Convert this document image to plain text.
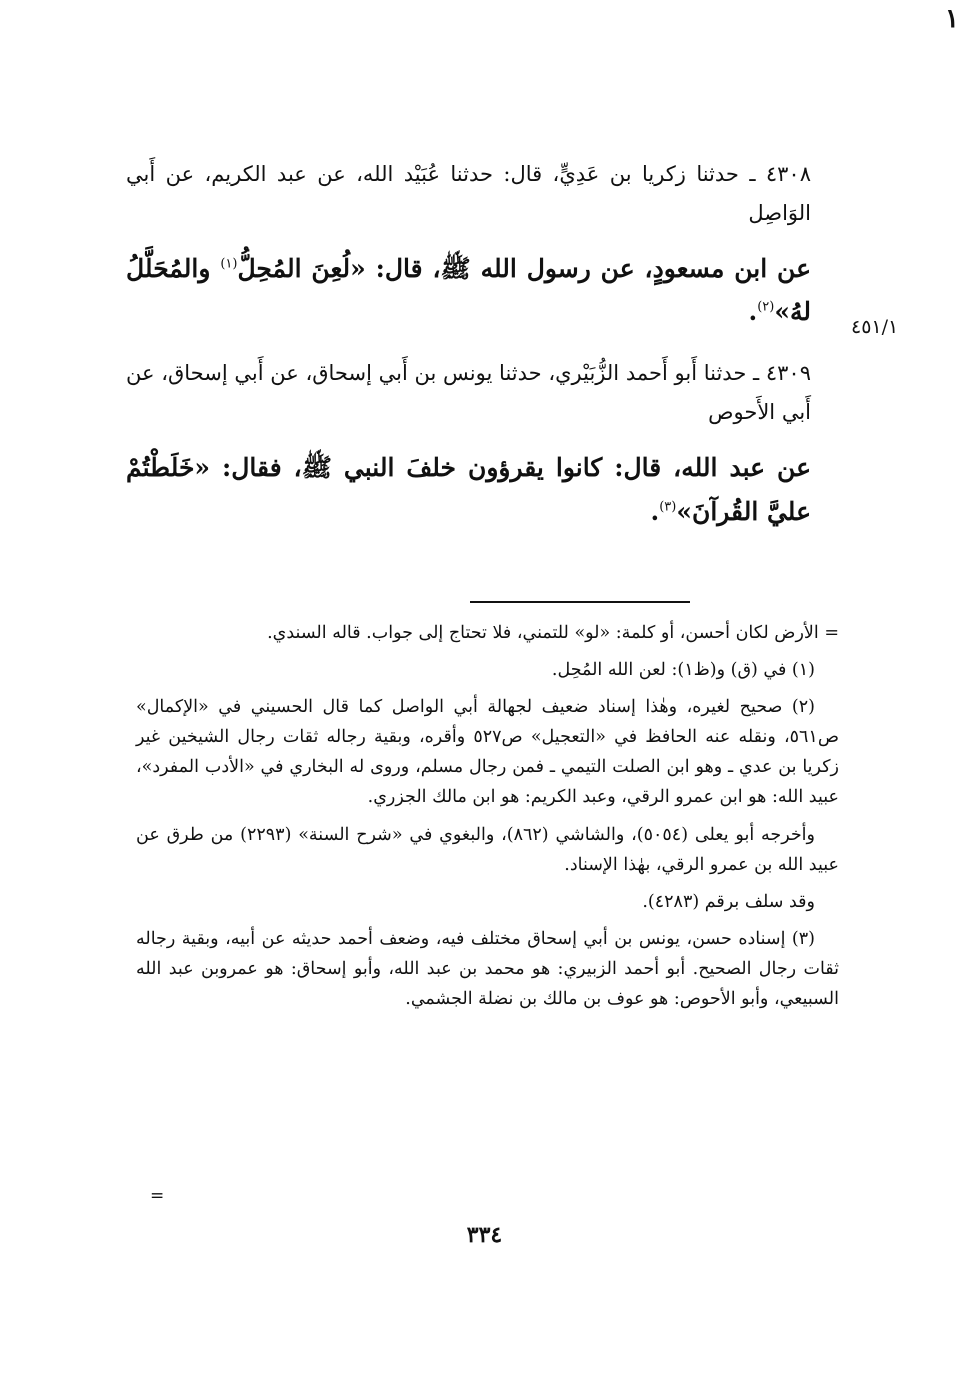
١
٤٥١/١

٤٣٠٨ ـ حدثنا زكريا بن عَدِيٍّ، قال: حدثنا عُبَيْد الله، عن عبد الكريم، عن أَبي الوَاصِل

عن ابن مسعودٍ، عن رسول الله ﷺ، قال: «لُعِنَ المُحِلُّ$^{(١)}$ والمُحَلَّلُ لهُ»$^{(٢)}$.

٤٣٠٩ ـ حدثنا أَبو أَحمد الزُّبَيْري، حدثنا يونس بن أَبي إسحاق، عن أَبي إسحاق، عن أَبي الأَحوص

عن عبد الله، قال: كانوا يقرؤون خلفَ النبي ﷺ، فقال: «خَلَطْتُمْ عليَّ القُرآنَ»$^{(٣)}$.

= الأرض لكان أحسن، أو كلمة: «لو» للتمني، فلا تحتاج إلى جواب. قاله السندي.

(١) في (ق) و(ظ١): لعن الله المُحِل.

(٢) صحيح لغيره، وهٰذا إسناد ضعيف لجهالة أبي الواصل كما قال الحسيني في «الإكمال» ص٥٦١، ونقله عنه الحافظ في «التعجيل» ص٥٢٧ وأقره، وبقية رجاله ثقات رجال الشيخين غير زكريا بن عدي ـ وهو ابن الصلت التيمي ـ فمن رجال مسلم، وروى له البخاري في «الأدب المفرد»، عبيد الله: هو ابن عمرو الرقي، وعبد الكريم: هو ابن مالك الجزري.

وأخرجه أبو يعلى (٥٠٥٤)، والشاشي (٨٦٢)، والبغوي في «شرح السنة» (٢٢٩٣) من طرق عن عبيد الله بن عمرو الرقي، بهٰذا الإسناد.

وقد سلف برقم (٤٢٨٣).

(٣) إسناده حسن، يونس بن أبي إسحاق مختلف فيه، وضعف أحمد حديثه عن أبيه، وبقية رجاله ثقات رجال الصحيح. أبو أحمد الزبيري: هو محمد بن عبد الله، وأبو إسحاق: هو عمروبن عبد الله السبيعي، وأبو الأحوص: هو عوف بن مالك بن نضلة الجشمي.

=
٣٣٤
